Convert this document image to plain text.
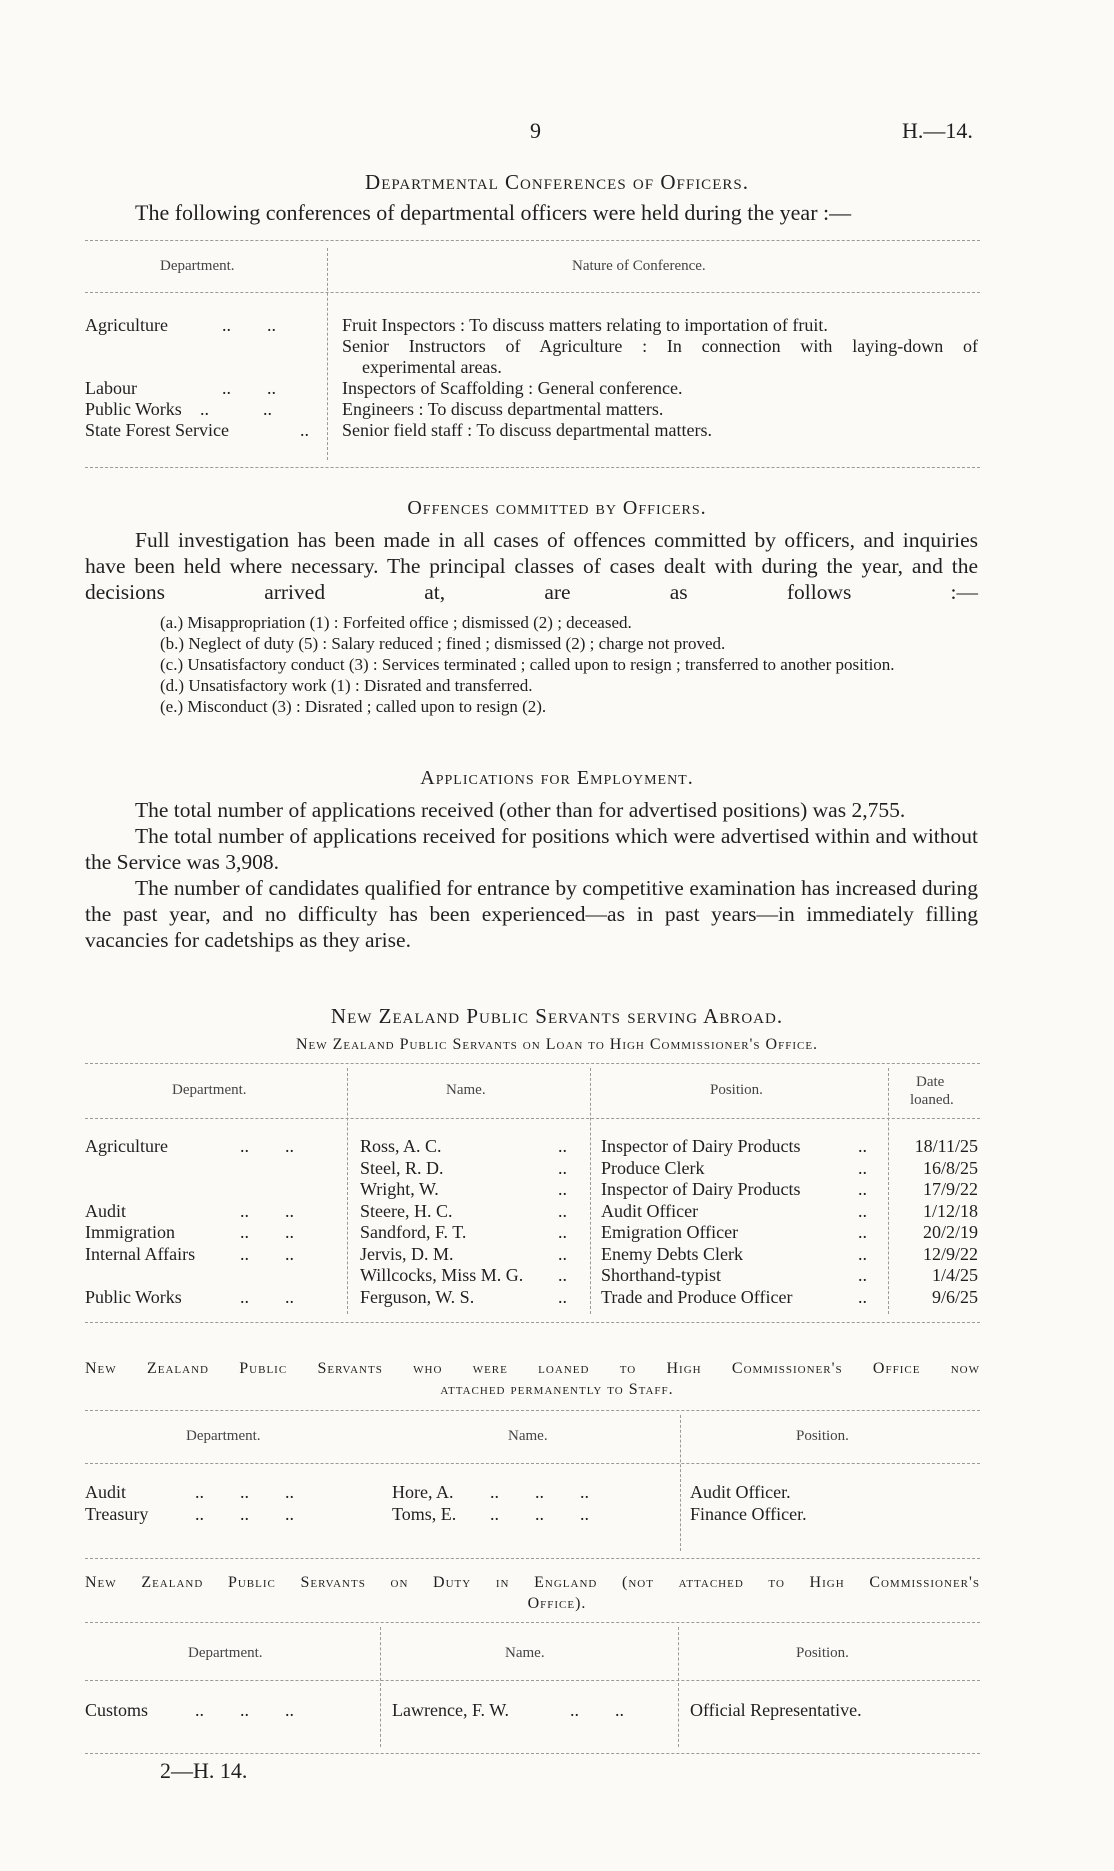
9	H.—14.
Departmental Conferences of Officers.
The following conferences of departmental officers were held during the year :—
Department.	Nature of Conference.
Agriculture	..        ..	Fruit Inspectors : To discuss matters relating to importation of fruit.
Senior Instructors of Agriculture : In connection with laying-down of
experimental areas.
Labour	..        ..	Inspectors of Scaffolding : General conference.
Public Works ..            ..	Engineers : To discuss departmental matters.
State Forest Service	.. Senior field staff : To discuss departmental matters.
Offences committed by Officers.

Full investigation has been made in all cases of offences committed by officers, and inquiries have been held where necessary. The principal classes of cases dealt with during the year, and the decisions arrived at, are as follows :—

(a.) Misappropriation (1) : Forfeited office ; dismissed (2) ; deceased.
(b.) Neglect of duty (5) : Salary reduced ; fined ; dismissed (2) ; charge not proved.
(c.) Unsatisfactory conduct (3) : Services terminated ; called upon to resign ; transferred to another position.
(d.) Unsatisfactory work (1) : Disrated and transferred.
(e.) Misconduct (3) : Disrated ; called upon to resign (2).
Applications for Employment.

The total number of applications received (other than for advertised positions) was 2,755.

The total number of applications received for positions which were advertised within and without the Service was 3,908.

The number of candidates qualified for entrance by competitive examination has increased during the past year, and no difficulty has been experienced—as in past years—in immediately filling vacancies for cadetships as they arise.

New Zealand Public Servants serving Abroad.
New Zealand Public Servants on Loan to High Commissioner's Office.
Department.	Name.	Position.	Date
loaned.
Agriculture	..        ..	Ross, A. C.	.. Inspector of Dairy Products	..	18/11/25
Steel, R. D.	.. Produce Clerk	..	16/8/25
Wright, W.	.. Inspector of Dairy Products	..	17/9/22
Audit	..        ..	Steere, H. C.	.. Audit Officer	..	1/12/18
Immigration	..        ..	Sandford, F. T.	.. Emigration Officer	..	20/2/19
Internal Affairs ..        ..	Jervis, D. M.	.. Enemy Debts Clerk	..	12/9/22
Willcocks, Miss M. G. .. Shorthand-typist	..	1/4/25
Public Works	..        ..	Ferguson, W. S.	.. Trade and Produce Officer	..	9/6/25
New Zealand Public Servants who were loaned to High Commissioner's Office now
attached permanently to Staff.
Department.	Name.	Position.
Audit	..        ..        ..	Hore, A. ..        ..        ..	Audit Officer.
Treasury	..        ..        ..	Toms, E. ..        ..        ..	Finance Officer.
New Zealand Public Servants on Duty in England (not attached to High Commissioner's
Office).
Department.	Name.	Position.
Customs	..        ..        ..	Lawrence, F. W.	..        ..	Official Representative.
2—H. 14.
